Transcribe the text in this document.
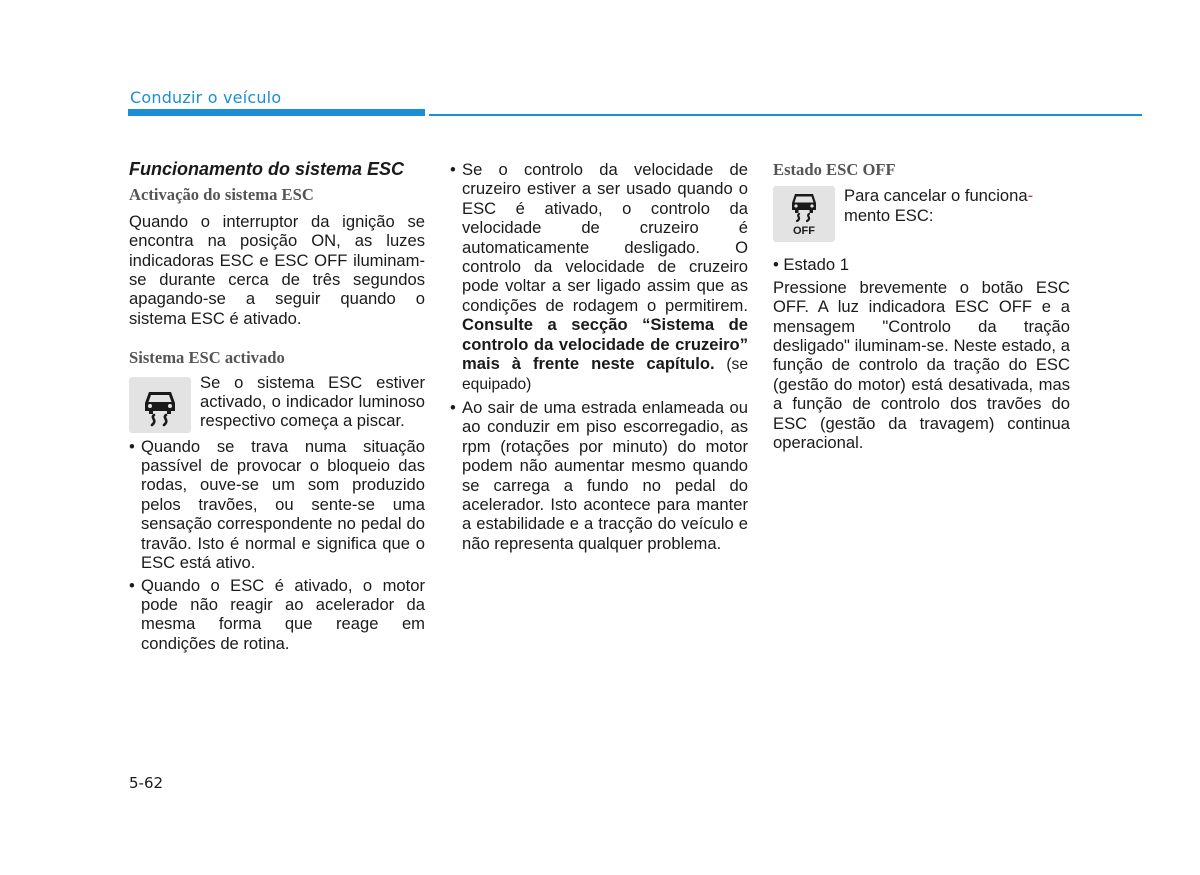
Conduzir o veículo
Funcionamento do sistema ESC
Activação do sistema ESC

Quando o interruptor da ignição se encontra na posição ON, as luzes indicadoras ESC e ESC OFF iluminam-se durante cerca de três segundos apagando-se a seguir quando o sistema ESC é ativado.

Sistema ESC activado

Se o sistema ESC estiver activado, o indicador luminoso respectivo começa a piscar.

• Quando se trava numa situação passível de provocar o bloqueio das rodas, ouve-se um som produzido pelos travões, ou sente-se uma sensação correspondente no pedal do travão. Isto é normal e significa que o ESC está ativo.
• Quando o ESC é ativado, o motor pode não reagir ao acelerador da mesma forma que reage em condições de rotina.
• Se o controlo da velocidade de cruzeiro estiver a ser usado quando o ESC é ativado, o controlo da velocidade de cruzeiro é automaticamente desligado. O controlo da velocidade de cruzeiro pode voltar a ser ligado assim que as condições de rodagem o permitirem. Consulte a secção “Sistema de controlo da velocidade de cruzeiro” mais à frente neste capítulo. (se equipado)
• Ao sair de uma estrada enlameada ou ao conduzir em piso escorregadio, as rpm (rotações por minuto) do motor podem não aumentar mesmo quando se carrega a fundo no pedal do acelerador. Isto acontece para manter a estabilidade e a tracção do veículo e não representa qualquer problema.
Estado ESC OFF
OFF

Para cancelar o funciona-
mento ESC:

• Estado 1

Pressione brevemente o botão ESC OFF. A luz indicadora ESC OFF e a mensagem "Controlo da tração desligado" iluminam-se. Neste estado, a função de controlo da tração do ESC (gestão do motor) está desativada, mas a função de controlo dos travões do ESC (gestão da travagem) continua operacional.

5-62
